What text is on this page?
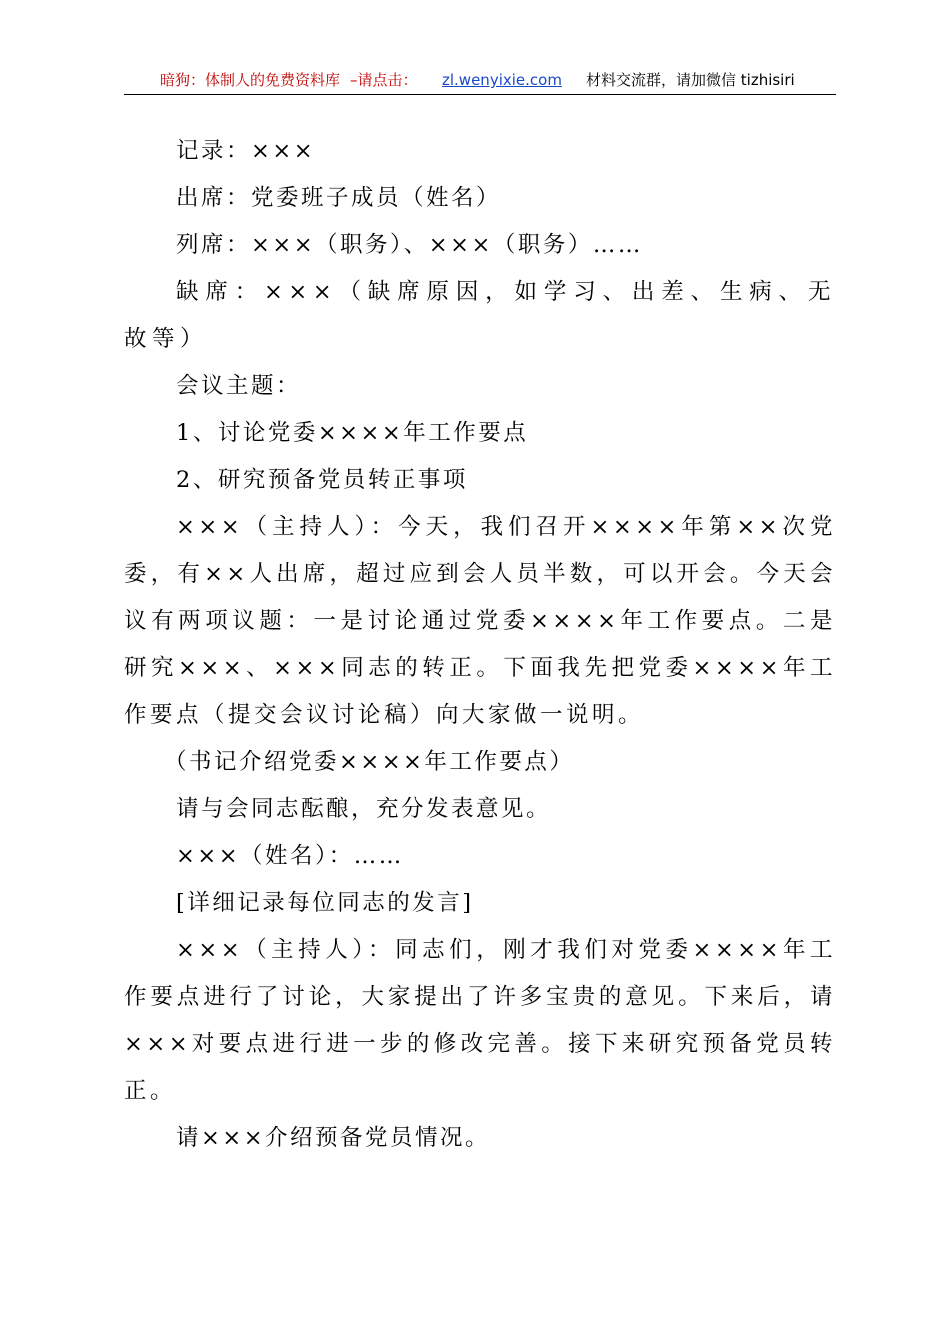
暗狗：体制人的免费资料库 –请点击： zl.wenyixie.com 材料交流群，请加微信 tizhisiri

记录：×××

出席：党委班子成员（姓名）

列席：×××（职务）、×××（职务）……

缺席：×××（缺席原因，如学习、出差、生病、无故等）

会议主题：

1、讨论党委××××年工作要点

2、研究预备党员转正事项

×××（主持人）：今天，我们召开××××年第××次党委，有××人出席，超过应到会人员半数，可以开会。今天会议有两项议题：一是讨论通过党委××××年工作要点。二是研究×××、×××同志的转正。下面我先把党委××××年工作要点（提交会议讨论稿）向大家做一说明。

（书记介绍党委××××年工作要点）

请与会同志酝酿，充分发表意见。

×××（姓名）：……

[详细记录每位同志的发言]

×××（主持人）：同志们，刚才我们对党委××××年工作要点进行了讨论，大家提出了许多宝贵的意见。下来后，请×××对要点进行进一步的修改完善。接下来研究预备党员转正。

请×××介绍预备党员情况。
